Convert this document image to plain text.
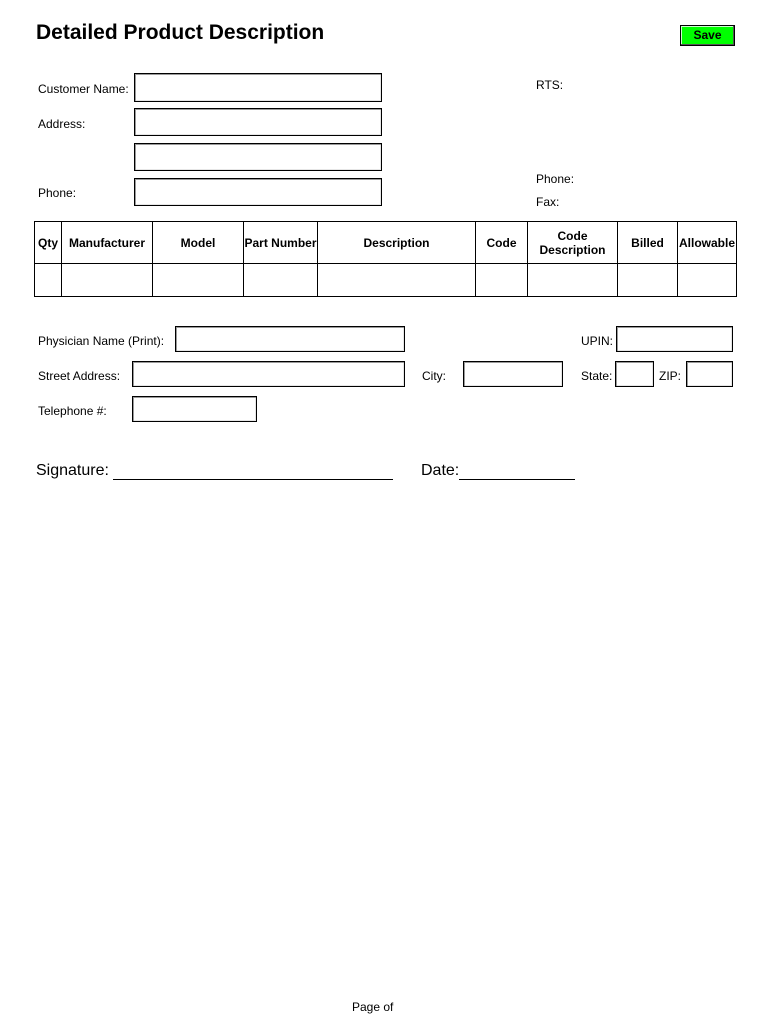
Detailed Product Description	Save
Customer Name:
Address:
Phone:
RTS:
Phone:
Fax:
Qty	Manufacturer	Model	Part Number	Description	Code	Code Description	Billed	Allowable

Physician Name (Print):	UPIN:
Street Address:	City:	State:	ZIP:
Telephone #:
Signature:	Date:
Page of
